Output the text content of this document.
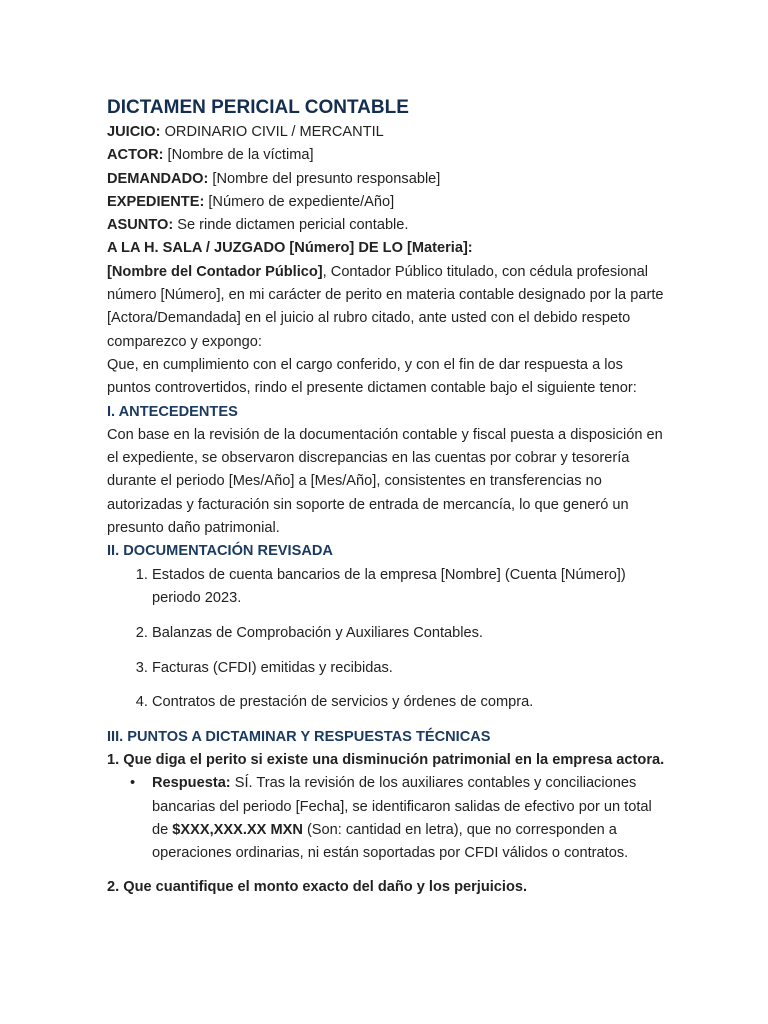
DICTAMEN PERICIAL CONTABLE

JUICIO: ORDINARIO CIVIL / MERCANTIL

ACTOR: [Nombre de la víctima]

DEMANDADO: [Nombre del presunto responsable]

EXPEDIENTE: [Número de expediente/Año]

ASUNTO: Se rinde dictamen pericial contable.

A LA H. SALA / JUZGADO [Número] DE LO [Materia]:

[Nombre del Contador Público], Contador Público titulado, con cédula profesional número [Número], en mi carácter de perito en materia contable designado por la parte [Actora/Demandada] en el juicio al rubro citado, ante usted con el debido respeto comparezco y expongo:

Que, en cumplimiento con el cargo conferido, y con el fin de dar respuesta a los puntos controvertidos, rindo el presente dictamen contable bajo el siguiente tenor:

I. ANTECEDENTES

Con base en la revisión de la documentación contable y fiscal puesta a disposición en el expediente, se observaron discrepancias en las cuentas por cobrar y tesorería durante el periodo [Mes/Año] a [Mes/Año], consistentes en transferencias no autorizadas y facturación sin soporte de entrada de mercancía, lo que generó un presunto daño patrimonial.

II. DOCUMENTACIÓN REVISADA

1. Estados de cuenta bancarios de la empresa [Nombre] (Cuenta [Número]) periodo 2023.
2. Balanzas de Comprobación y Auxiliares Contables.
3. Facturas (CFDI) emitidas y recibidas.
4. Contratos de prestación de servicios y órdenes de compra.

III. PUNTOS A DICTAMINAR Y RESPUESTAS TÉCNICAS

1. Que diga el perito si existe una disminución patrimonial en la empresa actora.

• Respuesta: SÍ. Tras la revisión de los auxiliares contables y conciliaciones bancarias del periodo [Fecha], se identificaron salidas de efectivo por un total de $XXX,XXX.XX MXN (Son: cantidad en letra), que no corresponden a operaciones ordinarias, ni están soportadas por CFDI válidos o contratos.

2. Que cuantifique el monto exacto del daño y los perjuicios.
